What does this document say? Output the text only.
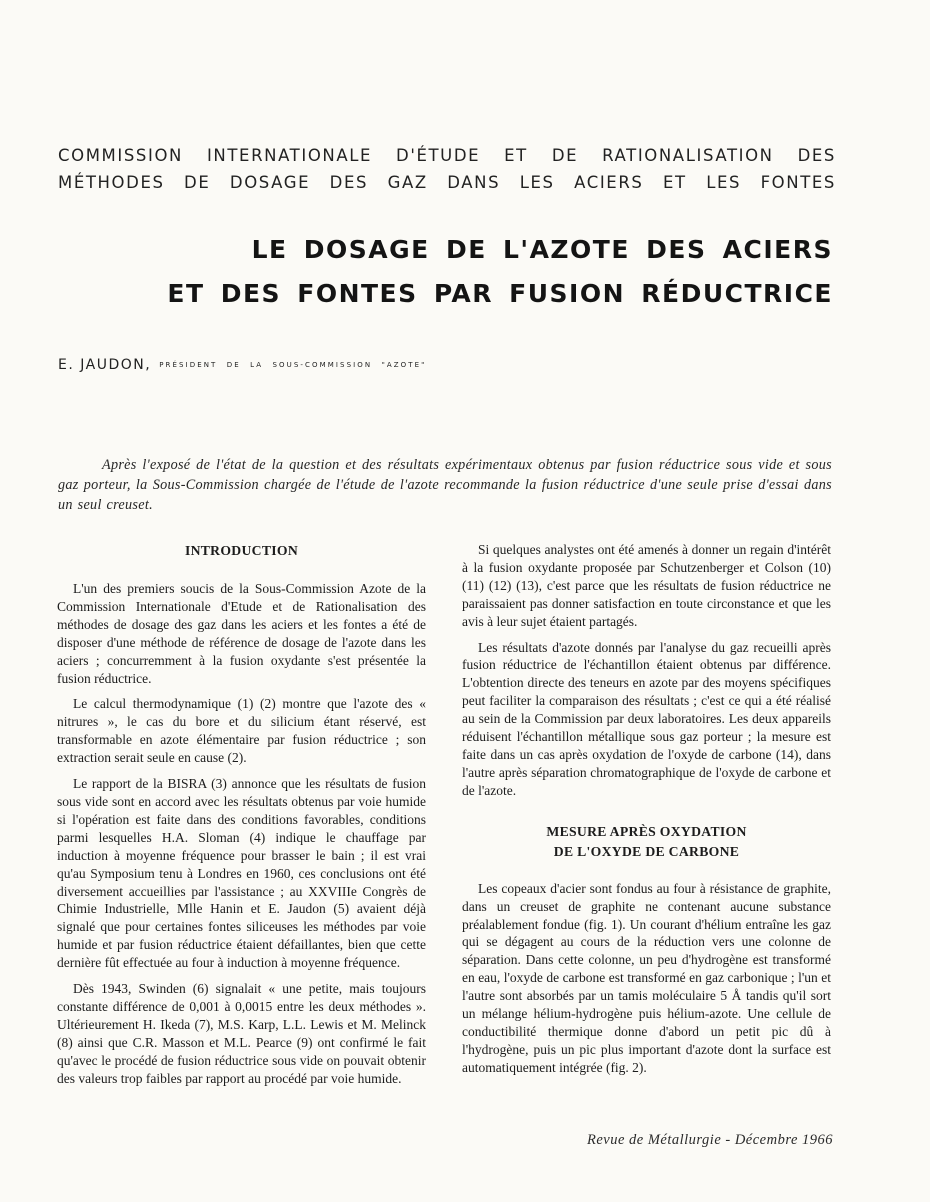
COMMISSION INTERNATIONALE D'ÉTUDE ET DE RATIONALISATION DES
MÉTHODES DE DOSAGE DES GAZ DANS LES ACIERS ET LES FONTES
LE DOSAGE DE L'AZOTE DES ACIERS
ET DES FONTES PAR FUSION RÉDUCTRICE
E. JAUDON, PRÉSIDENT DE LA SOUS-COMMISSION "AZOTE"

Après l'exposé de l'état de la question et des résultats expérimentaux obtenus par fusion réductrice sous vide et sous gaz porteur, la Sous-Commission chargée de l'étude de l'azote recommande la fusion réductrice d'une seule prise d'essai dans un seul creuset.

INTRODUCTION

L'un des premiers soucis de la Sous-Commission Azote de la Commission Internationale d'Etude et de Rationalisation des méthodes de dosage des gaz dans les aciers et les fontes a été de disposer d'une méthode de référence de dosage de l'azote dans les aciers ; concurremment à la fusion oxydante s'est présentée la fusion réductrice.

Le calcul thermodynamique (1) (2) montre que l'azote des « nitrures », le cas du bore et du silicium étant réservé, est transformable en azote élémentaire par fusion réductrice ; son extraction serait seule en cause (2).

Le rapport de la BISRA (3) annonce que les résultats de fusion sous vide sont en accord avec les résultats obtenus par voie humide si l'opération est faite dans des conditions favorables, conditions parmi lesquelles H.A. Sloman (4) indique le chauffage par induction à moyenne fréquence pour brasser le bain ; il est vrai qu'au Symposium tenu à Londres en 1960, ces conclusions ont été diversement accueillies par l'assistance ; au XXVIIIe Congrès de Chimie Industrielle, Mlle Hanin et E. Jaudon (5) avaient déjà signalé que pour certaines fontes siliceuses les méthodes par voie humide et par fusion réductrice étaient défaillantes, bien que cette dernière fût effectuée au four à induction à moyenne fréquence.

Dès 1943, Swinden (6) signalait « une petite, mais toujours constante différence de 0,001 à 0,0015 entre les deux méthodes ». Ultérieurement H. Ikeda (7), M.S. Karp, L.L. Lewis et M. Melinck (8) ainsi que C.R. Masson et M.L. Pearce (9) ont confirmé le fait qu'avec le procédé de fusion réductrice sous vide on pouvait obtenir des valeurs trop faibles par rapport au procédé par voie humide.

Si quelques analystes ont été amenés à donner un regain d'intérêt à la fusion oxydante proposée par Schutzenberger et Colson (10) (11) (12) (13), c'est parce que les résultats de fusion réductrice ne paraissaient pas donner satisfaction en toute circonstance et que les avis à leur sujet étaient partagés.

Les résultats d'azote donnés par l'analyse du gaz recueilli après fusion réductrice de l'échantillon étaient obtenus par différence. L'obtention directe des teneurs en azote par des moyens spécifiques peut faciliter la comparaison des résultats ; c'est ce qui a été réalisé au sein de la Commission par deux laboratoires. Les deux appareils réduisent l'échantillon métallique sous gaz porteur ; la mesure est faite dans un cas après oxydation de l'oxyde de carbone (14), dans l'autre après séparation chromatographique de l'oxyde de carbone et de l'azote.

MESURE APRÈS OXYDATION
DE L'OXYDE DE CARBONE

Les copeaux d'acier sont fondus au four à résistance de graphite, dans un creuset de graphite ne contenant aucune substance préalablement fondue (fig. 1). Un courant d'hélium entraîne les gaz qui se dégagent au cours de la réduction vers une colonne de séparation. Dans cette colonne, un peu d'hydrogène est transformé en eau, l'oxyde de carbone est transformé en gaz carbonique ; l'un et l'autre sont absorbés par un tamis moléculaire 5 Å tandis qu'il sort un mélange hélium-hydrogène puis hélium-azote. Une cellule de conductibilité thermique donne d'abord un petit pic dû à l'hydrogène, puis un pic plus important d'azote dont la surface est automatiquement intégrée (fig. 2).

Revue de Métallurgie - Décembre 1966
